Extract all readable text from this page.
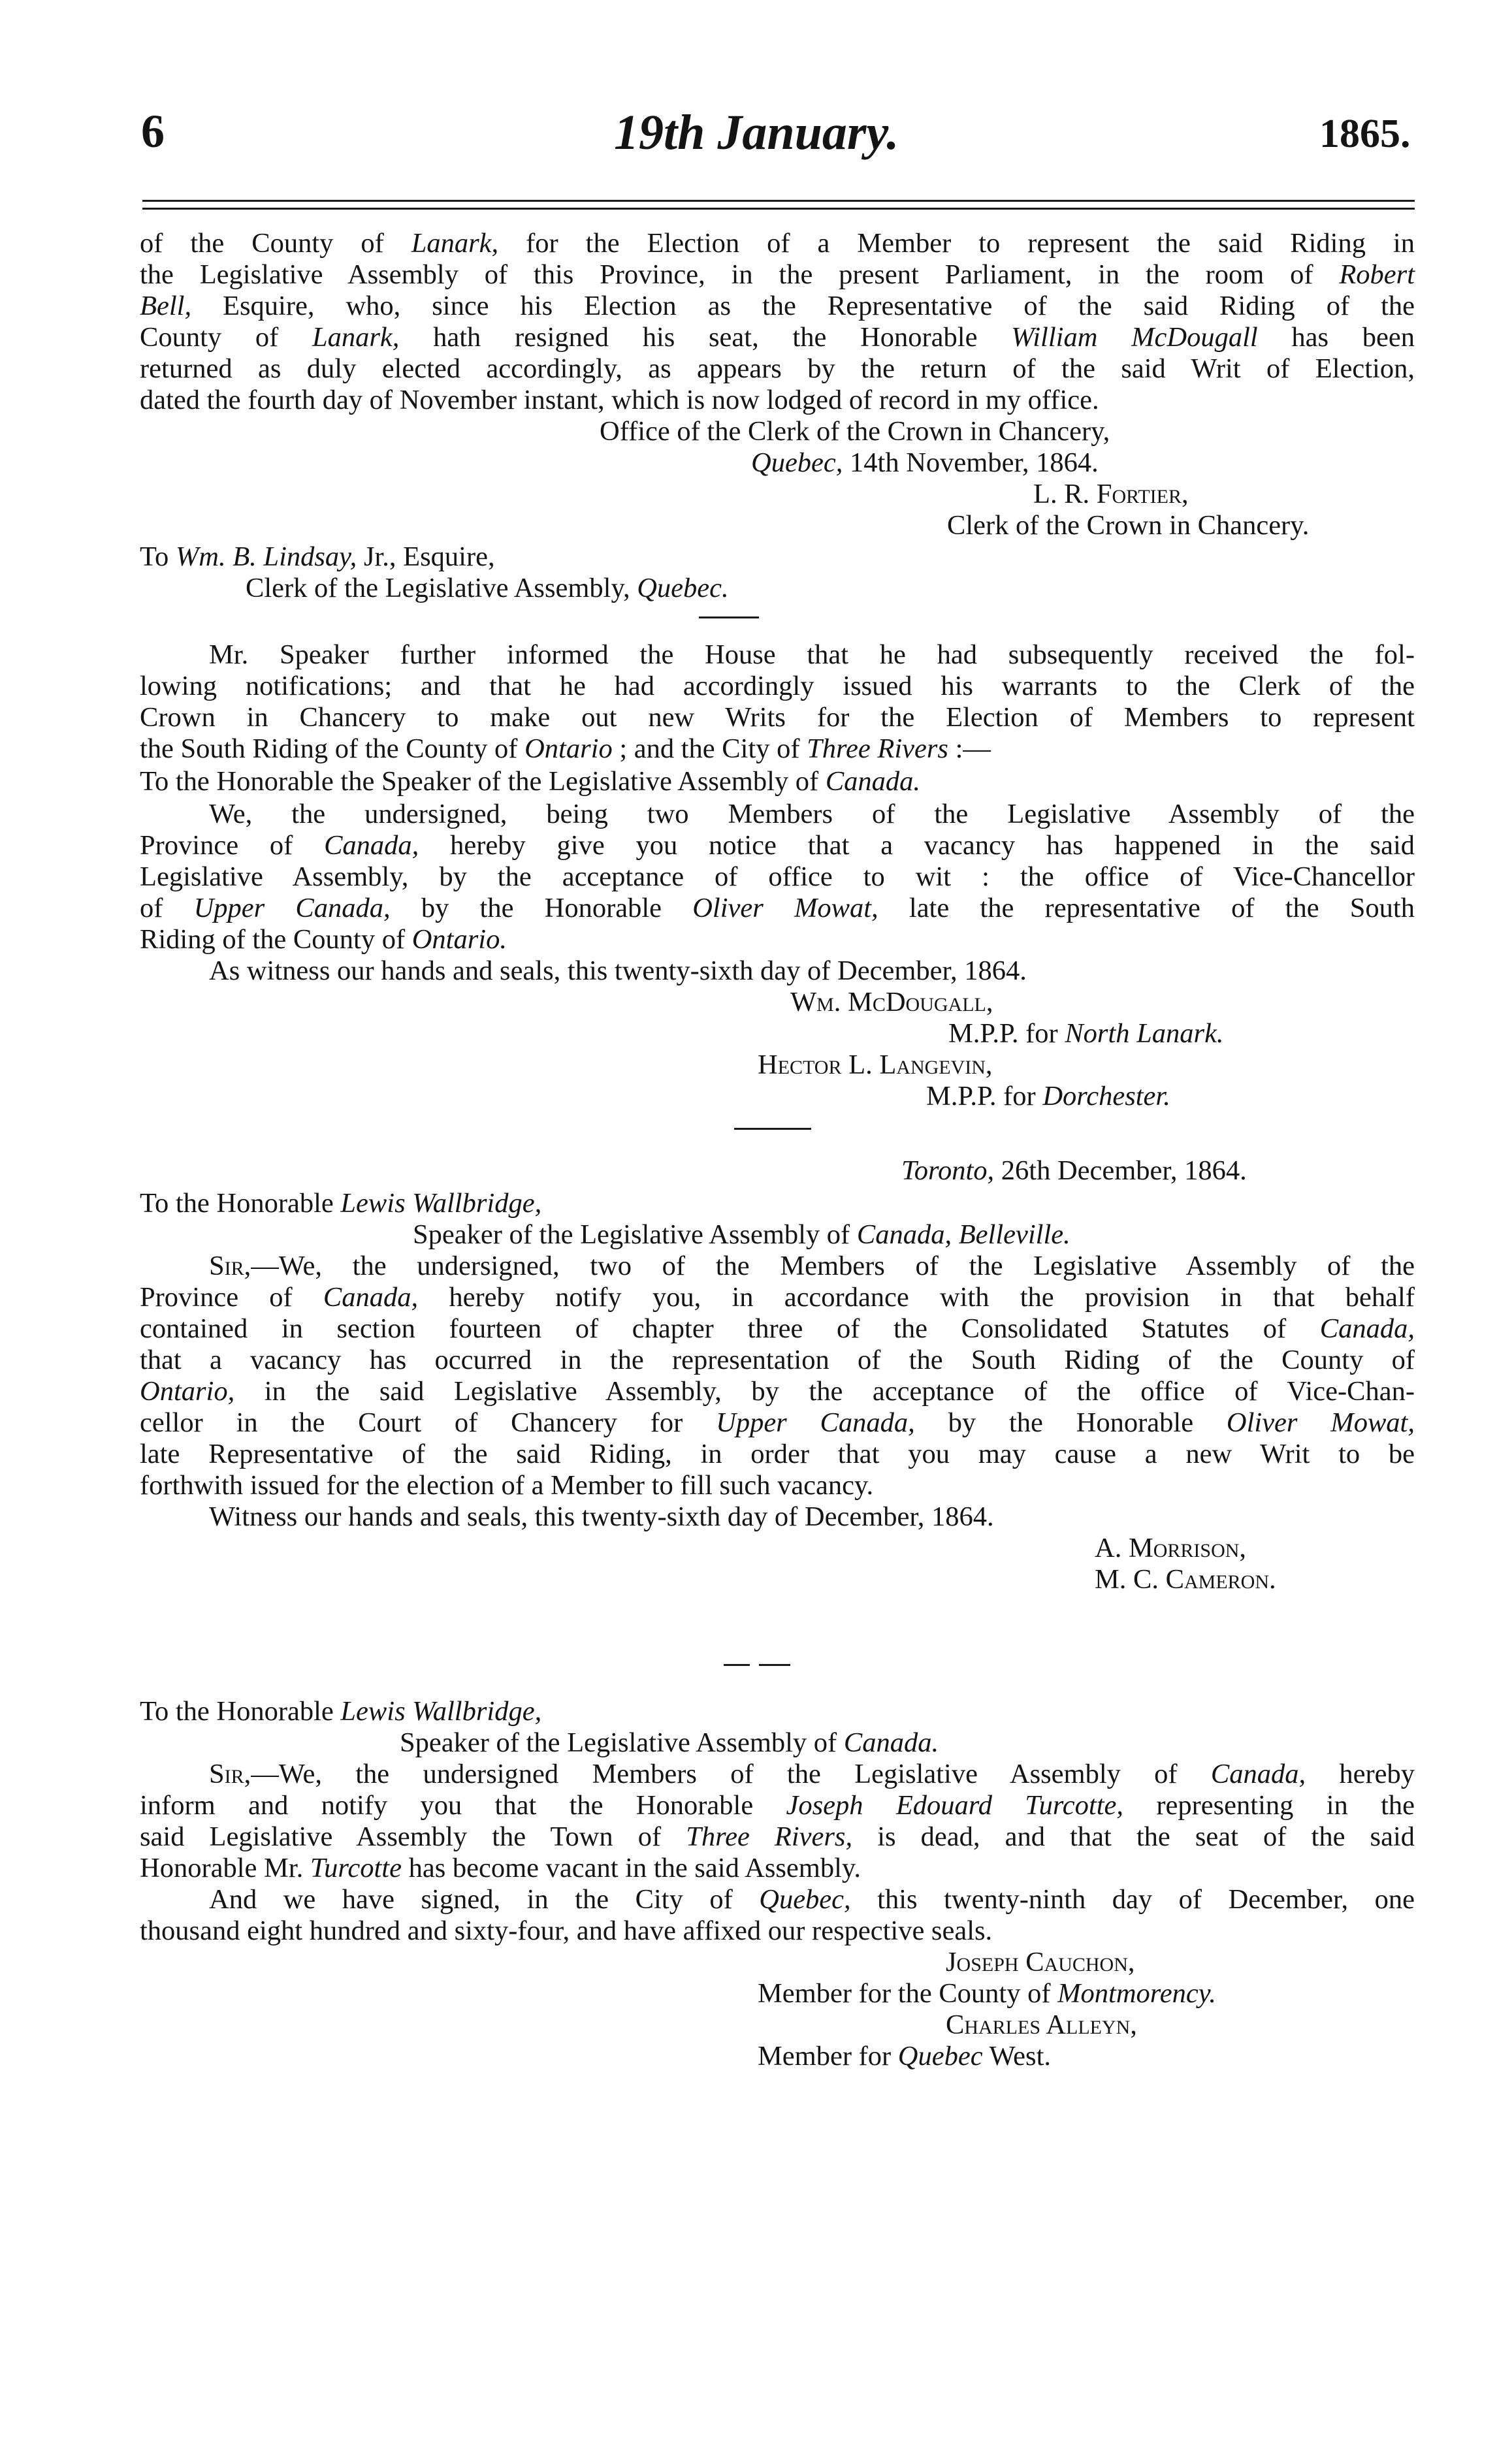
6	19th January.	1865.
of the County of Lanark, for the Election of a Member to represent the said Riding in
the Legislative Assembly of this Province, in the present Parliament, in the room of Robert
Bell, Esquire, who, since his Election as the Representative of the said Riding of the
County of Lanark, hath resigned his seat, the Honorable William McDougall has been
returned as duly elected accordingly, as appears by the return of the said Writ of Election,
dated the fourth day of November instant, which is now lodged of record in my office.
Office of the Clerk of the Crown in Chancery,
Quebec, 14th November, 1864.
L. R. Fortier,
Clerk of the Crown in Chancery.
To Wm. B. Lindsay, Jr., Esquire,
Clerk of the Legislative Assembly, Quebec.
Mr. Speaker further informed the House that he had subsequently received the fol-
lowing notifications; and that he had accordingly issued his warrants to the Clerk of the
Crown in Chancery to make out new Writs for the Election of Members to represent
the South Riding of the County of Ontario ; and the City of Three Rivers :—
To the Honorable the Speaker of the Legislative Assembly of Canada.
We, the undersigned, being two Members of the Legislative Assembly of the
Province of Canada, hereby give you notice that a vacancy has happened in the said
Legislative Assembly, by the acceptance of office to wit : the office of Vice-Chancellor
of Upper Canada, by the Honorable Oliver Mowat, late the representative of the South
Riding of the County of Ontario.
As witness our hands and seals, this twenty-sixth day of December, 1864.
Wm. McDougall,
M.P.P. for North Lanark.
Hector L. Langevin,
M.P.P. for Dorchester.
Toronto, 26th December, 1864.
To the Honorable Lewis Wallbridge,
Speaker of the Legislative Assembly of Canada, Belleville.
Sir,—We, the undersigned, two of the Members of the Legislative Assembly of the
Province of Canada, hereby notify you, in accordance with the provision in that behalf
contained in section fourteen of chapter three of the Consolidated Statutes of Canada,
that a vacancy has occurred in the representation of the South Riding of the County of
Ontario, in the said Legislative Assembly, by the acceptance of the office of Vice-Chan-
cellor in the Court of Chancery for Upper Canada, by the Honorable Oliver Mowat,
late Representative of the said Riding, in order that you may cause a new Writ to be
forthwith issued for the election of a Member to fill such vacancy.
Witness our hands and seals, this twenty-sixth day of December, 1864.
A. Morrison,
M. C. Cameron.
To the Honorable Lewis Wallbridge,
Speaker of the Legislative Assembly of Canada.
Sir,—We, the undersigned Members of the Legislative Assembly of Canada, hereby
inform and notify you that the Honorable Joseph Edouard Turcotte, representing in the
said Legislative Assembly the Town of Three Rivers, is dead, and that the seat of the said
Honorable Mr. Turcotte has become vacant in the said Assembly.
And we have signed, in the City of Quebec, this twenty-ninth day of December, one
thousand eight hundred and sixty-four, and have affixed our respective seals.
Joseph Cauchon,
Member for the County of Montmorency.
Charles Alleyn,
Member for Quebec West.
